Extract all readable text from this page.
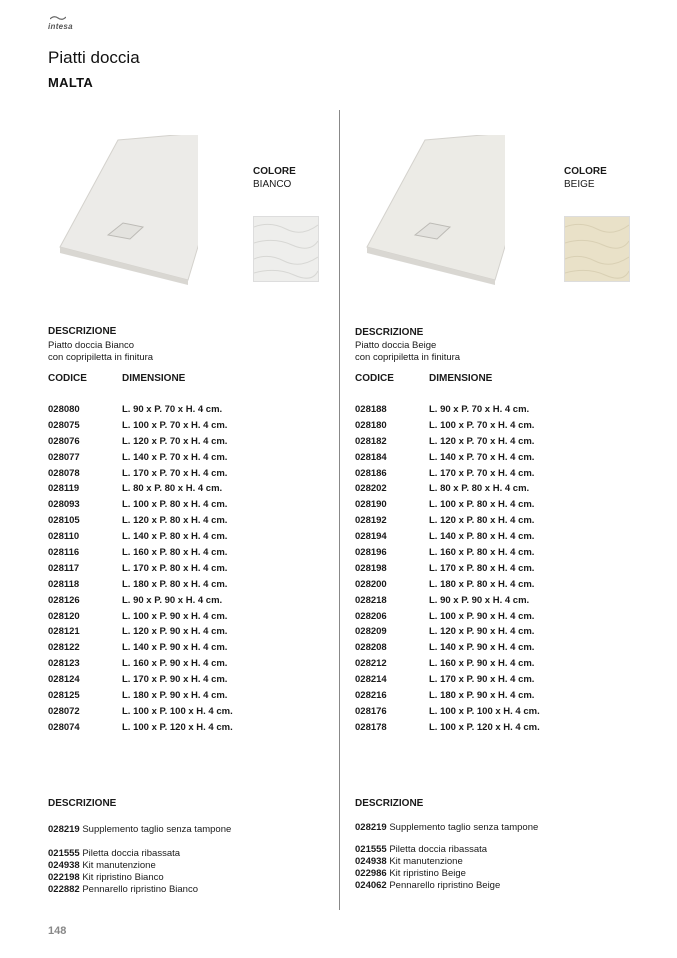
intesa
Piatti doccia
MALTA
COLORE
BIANCO
DESCRIZIONE
Piatto doccia Bianco
con copripiletta in finitura
CODICE	DIMENSIONE
028080	L. 90 x P. 70 x H. 4 cm.
028075	L. 100 x P. 70 x H. 4 cm.
028076	L. 120 x P. 70 x H. 4 cm.
028077	L. 140 x P. 70 x H. 4 cm.
028078	L. 170 x P. 70 x H. 4 cm.
028119	L. 80 x P. 80 x H. 4 cm.
028093	L. 100 x P. 80 x H. 4 cm.
028105	L. 120 x P. 80 x H. 4 cm.
028110	L. 140 x P. 80 x H. 4 cm.
028116	L. 160 x P. 80 x H. 4 cm.
028117	L. 170 x P. 80 x H. 4 cm.
028118	L. 180 x P. 80 x H. 4 cm.
028126	L. 90 x P. 90 x H. 4 cm.
028120	L. 100 x P. 90 x H. 4 cm.
028121	L. 120 x P. 90 x H. 4 cm.
028122	L. 140 x P. 90 x H. 4 cm.
028123	L. 160 x P. 90 x H. 4 cm.
028124	L. 170 x P. 90 x H. 4 cm.
028125	L. 180 x P. 90 x H. 4 cm.
028072	L. 100 x P. 100 x H. 4 cm.
028074	L. 100 x P. 120 x H. 4 cm.
DESCRIZIONE
028219 Supplemento taglio senza tampone
021555 Piletta doccia ribassata
024938 Kit manutenzione
022198 Kit ripristino Bianco
022882 Pennarello ripristino Bianco
COLORE
BEIGE
DESCRIZIONE
Piatto doccia Beige
con copripiletta in finitura
CODICE	DIMENSIONE
028188	L. 90 x P. 70 x H. 4 cm.
028180	L. 100 x P. 70 x H. 4 cm.
028182	L. 120 x P. 70 x H. 4 cm.
028184	L. 140 x P. 70 x H. 4 cm.
028186	L. 170 x P. 70 x H. 4 cm.
028202	L. 80 x P. 80 x H. 4 cm.
028190	L. 100 x P. 80 x H. 4 cm.
028192	L. 120 x P. 80 x H. 4 cm.
028194	L. 140 x P. 80 x H. 4 cm.
028196	L. 160 x P. 80 x H. 4 cm.
028198	L. 170 x P. 80 x H. 4 cm.
028200	L. 180 x P. 80 x H. 4 cm.
028218	L. 90 x P. 90 x H. 4 cm.
028206	L. 100 x P. 90 x H. 4 cm.
028209	L. 120 x P. 90 x H. 4 cm.
028208	L. 140 x P. 90 x H. 4 cm.
028212	L. 160 x P. 90 x H. 4 cm.
028214	L. 170 x P. 90 x H. 4 cm.
028216	L. 180 x P. 90 x H. 4 cm.
028176	L. 100 x P. 100 x H. 4 cm.
028178	L. 100 x P. 120 x H. 4 cm.
DESCRIZIONE
028219 Supplemento taglio senza tampone
021555 Piletta doccia ribassata
024938 Kit manutenzione
022986 Kit ripristino Beige
024062 Pennarello ripristino Beige
148
